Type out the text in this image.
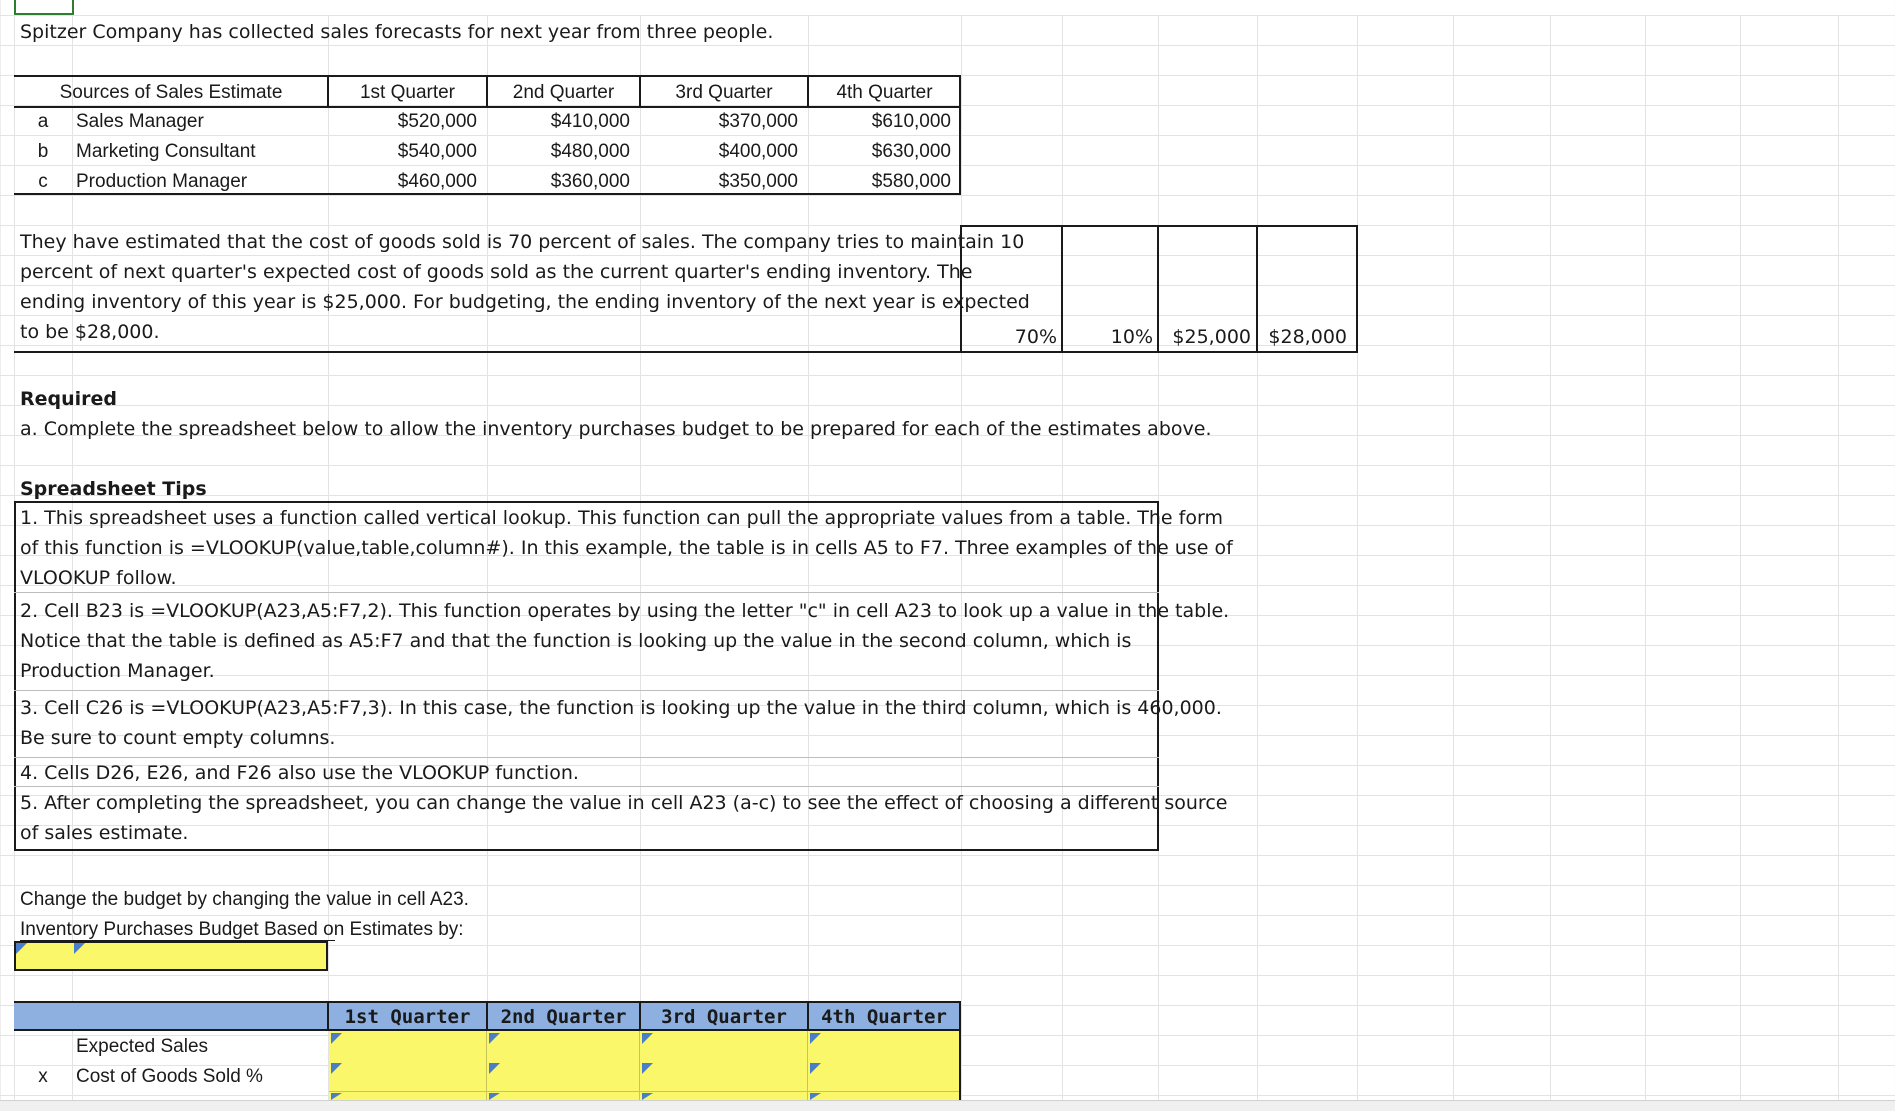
Spitzer Company has collected sales forecasts for next year from three people.
Sources of Sales Estimate	1st Quarter	2nd Quarter	3rd Quarter	4th Quarter
a	Sales Manager	$520,000	$410,000	$370,000	$610,000
b	Marketing Consultant	$540,000	$480,000	$400,000	$630,000
c	Production Manager	$460,000	$360,000	$350,000	$580,000
They have estimated that the cost of goods sold is 70 percent of sales. The company tries to maintain 10
percent of next quarter's expected cost of goods sold as the current quarter's ending inventory. The
ending inventory of this year is $25,000. For budgeting, the ending inventory of the next year is expected
to be $28,000.	70%	10% $25,000 $28,000
Required
a. Complete the spreadsheet below to allow the inventory purchases budget to be prepared for each of the estimates above.
Spreadsheet Tips
1. This spreadsheet uses a function called vertical lookup. This function can pull the appropriate values from a table. The form
of this function is =VLOOKUP(value,table,column#). In this example, the table is in cells A5 to F7. Three examples of the use of
VLOOKUP follow.
2. Cell B23 is =VLOOKUP(A23,A5:F7,2). This function operates by using the letter "c" in cell A23 to look up a value in the table.
Notice that the table is defined as A5:F7 and that the function is looking up the value in the second column, which is
Production Manager.
3. Cell C26 is =VLOOKUP(A23,A5:F7,3). In this case, the function is looking up the value in the third column, which is 460,000.
Be sure to count empty columns.
4. Cells D26, E26, and F26 also use the VLOOKUP function.
5. After completing the spreadsheet, you can change the value in cell A23 (a-c) to see the effect of choosing a different source
of sales estimate.
Change the budget by changing the value in cell A23.
Inventory Purchases Budget Based on Estimates by:
1st Quarter	2nd Quarter	3rd Quarter	4th Quarter
Expected Sales
x	Cost of Goods Sold %
